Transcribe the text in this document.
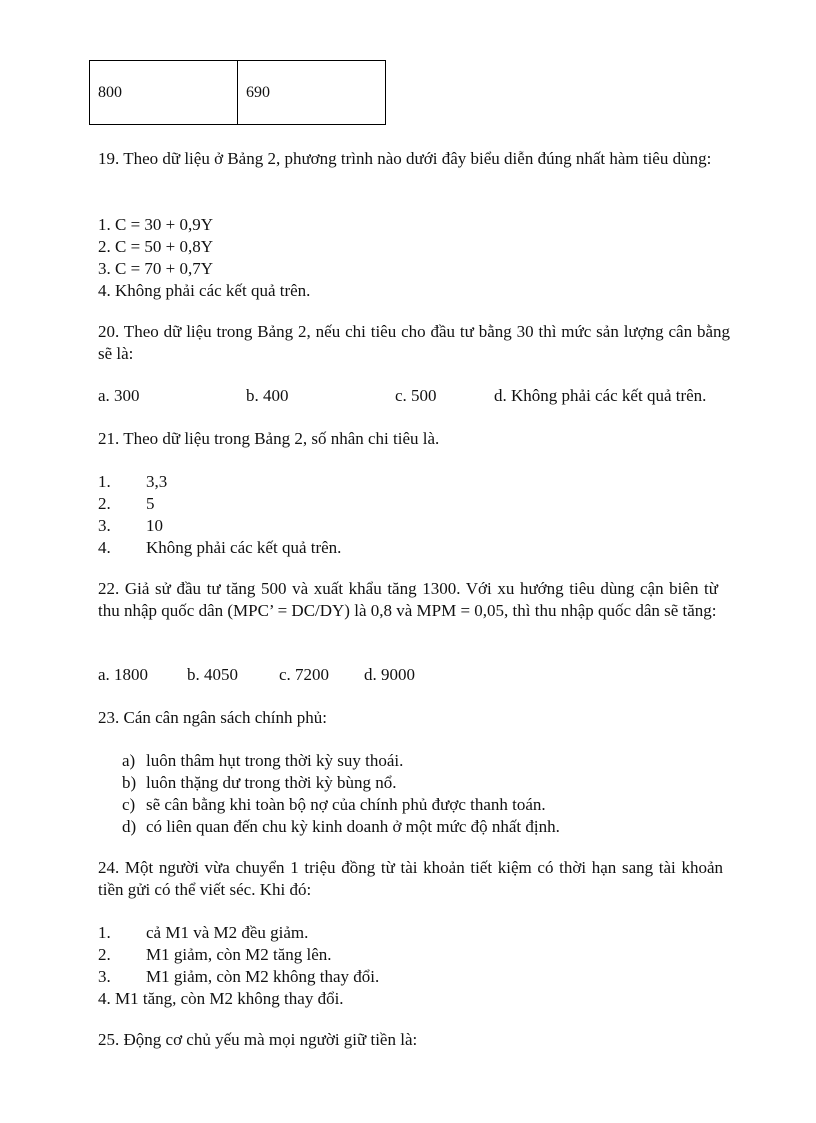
800	690
19. Theo dữ liệu ở Bảng 2, phương trình nào dưới đây biểu diễn đúng nhất hàm tiêu dùng:
1. C = 30 + 0,9Y
2. C = 50 + 0,8Y
3. C = 70 + 0,7Y
4. Không phải các kết quả trên.
20. Theo dữ liệu trong Bảng 2, nếu chi tiêu cho đầu tư bằng 30 thì mức sản lượng cân bằng sẽ là:
a. 300	b. 400	c. 500	d. Không phải các kết quả trên.
21. Theo dữ liệu trong Bảng 2, số nhân chi tiêu là.
1. 3,3
2. 5
3. 10
4. Không phải các kết quả trên.
22. Giả sử đầu tư tăng 500 và xuất khẩu tăng 1300. Với xu hướng tiêu dùng cận biên từ thu nhập quốc dân (MPC’ = DC/DY) là 0,8 và MPM = 0,05, thì thu nhập quốc dân sẽ tăng:
a. 1800 b. 4050 c. 7200 d. 9000
23. Cán cân ngân sách chính phủ:
a) luôn thâm hụt trong thời kỳ suy thoái.
b) luôn thặng dư trong thời kỳ bùng nổ.
c) sẽ cân bằng khi toàn bộ nợ của chính phủ được thanh toán.
d) có liên quan đến chu kỳ kinh doanh ở một mức độ nhất định.
24. Một người vừa chuyển 1 triệu đồng từ tài khoản tiết kiệm có thời hạn sang tài khoản tiền gửi có thể viết séc. Khi đó:
1. cả M1 và M2 đều giảm.
2. M1 giảm, còn M2 tăng lên.
3. M1 giảm, còn M2 không thay đổi.
4. M1 tăng, còn M2 không thay đổi.
25. Động cơ chủ yếu mà mọi người giữ tiền là:
